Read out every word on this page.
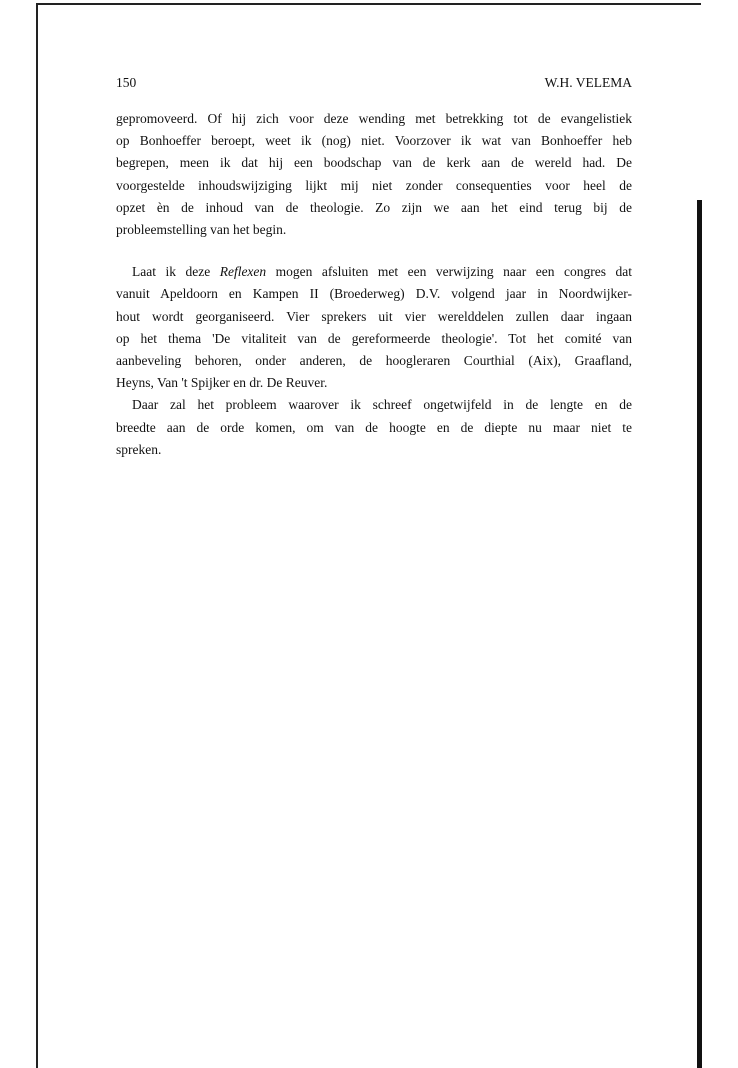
150	W.H. VELEMA

gepromoveerd. Of hij zich voor deze wending met betrekking tot de evangelistiek
op Bonhoeffer beroept, weet ik (nog) niet. Voorzover ik wat van Bonhoeffer heb
begrepen, meen ik dat hij een boodschap van de kerk aan de wereld had. De
voorgestelde inhoudswijziging lijkt mij niet zonder consequenties voor heel de
opzet èn de inhoud van de theologie. Zo zijn we aan het eind terug bij de
probleemstelling van het begin.

Laat ik deze Reflexen mogen afsluiten met een verwijzing naar een congres dat
vanuit Apeldoorn en Kampen II (Broederweg) D.V. volgend jaar in Noordwijker-
hout wordt georganiseerd. Vier sprekers uit vier werelddelen zullen daar ingaan
op het thema 'De vitaliteit van de gereformeerde theologie'. Tot het comité van
aanbeveling behoren, onder anderen, de hoogleraren Courthial (Aix), Graafland,
Heyns, Van 't Spijker en dr. De Reuver.

Daar zal het probleem waarover ik schreef ongetwijfeld in de lengte en de
breedte aan de orde komen, om van de hoogte en de diepte nu maar niet te
spreken.
